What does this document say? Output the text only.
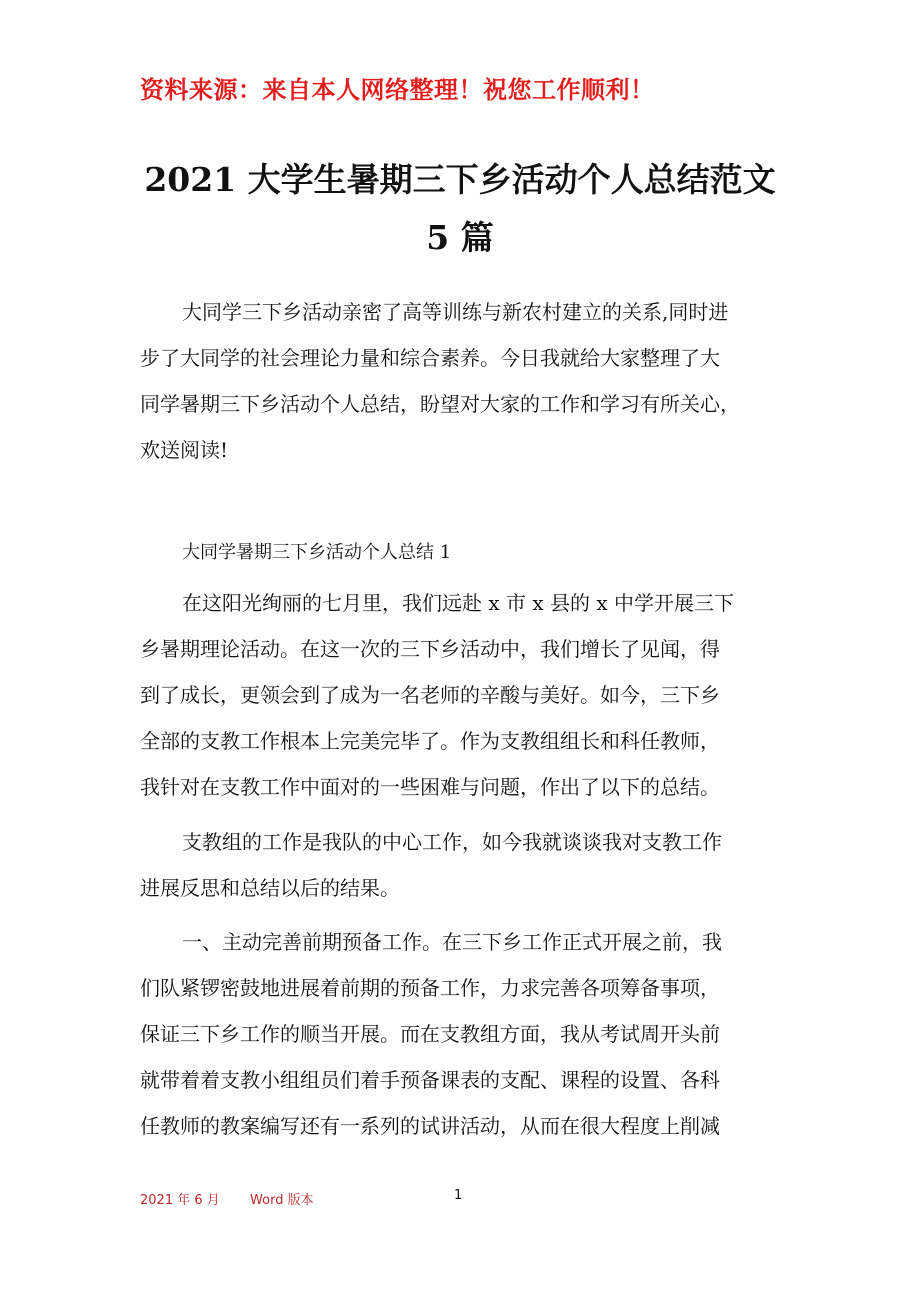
资料来源：来自本人网络整理！祝您工作顺利！
2021 大学生暑期三下乡活动个人总结范文
5 篇
大同学三下乡活动亲密了高等训练与新农村建立的关系,同时进
步了大同学的社会理论力量和综合素养。今日我就给大家整理了大
同学暑期三下乡活动个人总结，盼望对大家的工作和学习有所关心，
欢送阅读!
大同学暑期三下乡活动个人总结 1
在这阳光绚丽的七月里，我们远赴 x 市 x 县的 x 中学开展三下
乡暑期理论活动。在这一次的三下乡活动中，我们增长了见闻，得
到了成长，更领会到了成为一名老师的辛酸与美好。如今，三下乡
全部的支教工作根本上完美完毕了。作为支教组组长和科任教师，
我针对在支教工作中面对的一些困难与问题，作出了以下的总结。
支教组的工作是我队的中心工作，如今我就谈谈我对支教工作
进展反思和总结以后的结果。
一、主动完善前期预备工作。在三下乡工作正式开展之前，我
们队紧锣密鼓地进展着前期的预备工作，力求完善各项筹备事项，
保证三下乡工作的顺当开展。而在支教组方面，我从考试周开头前
就带着着支教小组组员们着手预备课表的支配、课程的设置、各科
任教师的教案编写还有一系列的试讲活动，从而在很大程度上削减
2021 年 6 月 Word 版本	1
